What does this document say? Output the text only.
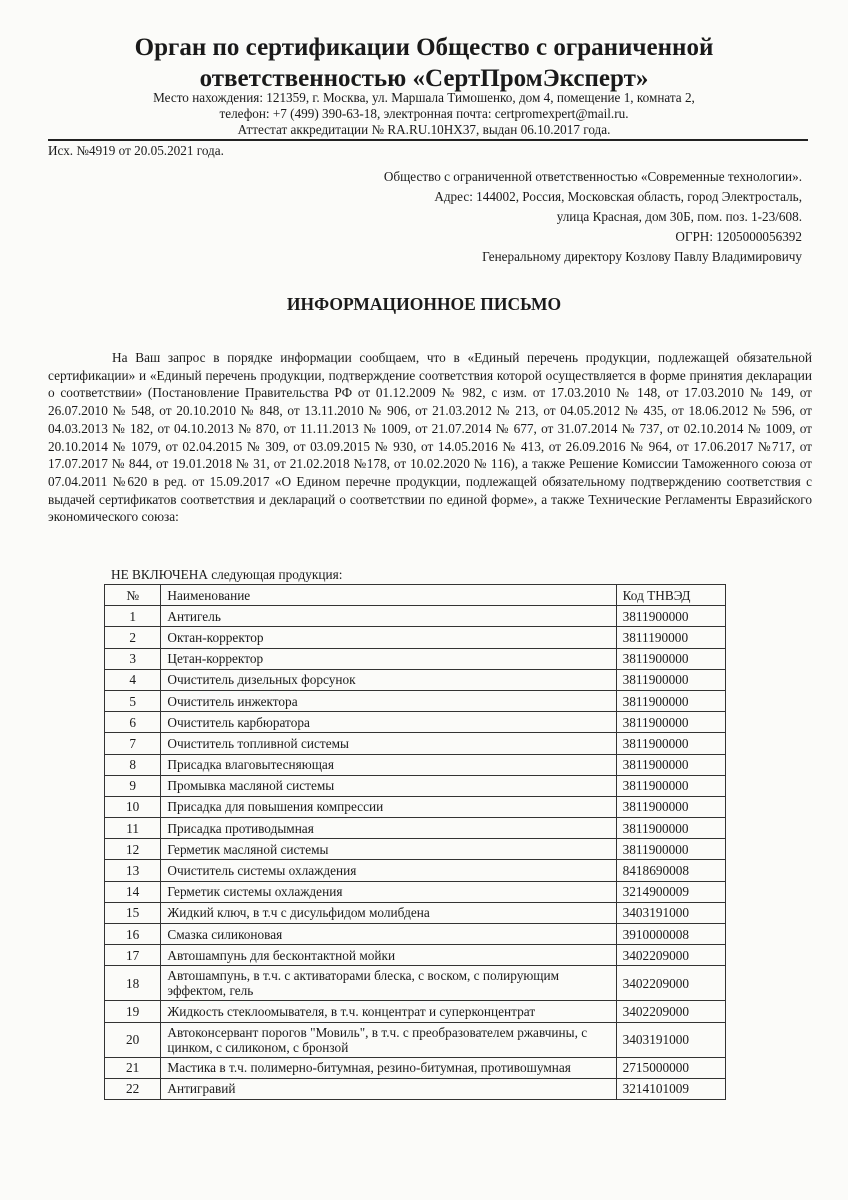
Орган по сертификации Общество с ограниченной
ответственностью «СертПромЭксперт»
Место нахождения: 121359, г. Москва, ул. Маршала Тимошенко, дом 4, помещение 1, комната 2,
телефон: +7 (499) 390-63-18, электронная почта: certpromexpert@mail.ru.
Аттестат аккредитации № RA.RU.10НХ37, выдан 06.10.2017 года.
Исх. №4919 от 20.05.2021 года.
Общество с ограниченной ответственностью «Современные технологии».
Адрес: 144002, Россия, Московская область, город Электросталь,
улица Красная, дом 30Б, пом. поз. 1-23/608.
ОГРН: 1205000056392
Генеральному директору Козлову Павлу Владимировичу
ИНФОРМАЦИОННОЕ ПИСЬМО
На Ваш запрос в порядке информации сообщаем, что в «Единый перечень продукции, подлежащей обязательной сертификации» и «Единый перечень продукции, подтверждение соответствия которой осуществляется в форме принятия декларации о соответствии» (Постановление Правительства РФ от 01.12.2009 № 982, с изм. от 17.03.2010 № 148, от 17.03.2010 № 149, от 26.07.2010 № 548, от 20.10.2010 № 848, от 13.11.2010 № 906, от 21.03.2012 № 213, от 04.05.2012 № 435, от 18.06.2012 № 596, от 04.03.2013 № 182, от 04.10.2013 № 870, от 11.11.2013 № 1009, от 21.07.2014 № 677, от 31.07.2014 № 737, от 02.10.2014 № 1009, от 20.10.2014 № 1079, от 02.04.2015 № 309, от 03.09.2015 № 930, от 14.05.2016 № 413, от 26.09.2016 № 964, от 17.06.2017 №717, от 17.07.2017 № 844, от 19.01.2018 № 31, от 21.02.2018 №178, от 10.02.2020 № 116), а также Решение Комиссии Таможенного союза от 07.04.2011 №620 в ред. от 15.09.2017 «О Едином перечне продукции, подлежащей обязательному подтверждению соответствия с выдачей сертификатов соответствия и деклараций о соответствии по единой форме», а также Технические Регламенты Евразийского экономического союза:
НЕ ВКЛЮЧЕНА следующая продукция:
№	Наименование	Код ТНВЭД
1	Антигель	3811900000
2	Октан-корректор	3811190000
3	Цетан-корректор	3811900000
4	Очиститель дизельных форсунок	3811900000
5	Очиститель инжектора	3811900000
6	Очиститель карбюратора	3811900000
7	Очиститель топливной системы	3811900000
8	Присадка влаговытесняющая	3811900000
9	Промывка масляной системы	3811900000
10	Присадка для повышения компрессии	3811900000
11	Присадка противодымная	3811900000
12	Герметик масляной системы	3811900000
13	Очиститель системы охлаждения	8418690008
14	Герметик системы охлаждения	3214900009
15	Жидкий ключ, в т.ч с дисульфидом молибдена	3403191000
16	Смазка силиконовая	3910000008
17	Автошампунь для бесконтактной мойки	3402209000
18	Автошампунь, в т.ч. с активаторами блеска, с воском, с полирующим эффектом, гель	3402209000
19	Жидкость стеклоомывателя, в т.ч. концентрат и суперконцентрат	3402209000
20	Автоконсервант порогов "Мовиль", в т.ч. с преобразователем ржавчины, с цинком, с силиконом, с бронзой	3403191000
21	Мастика в т.ч. полимерно-битумная, резино-битумная, противошумная	2715000000
22	Антигравий	3214101009
